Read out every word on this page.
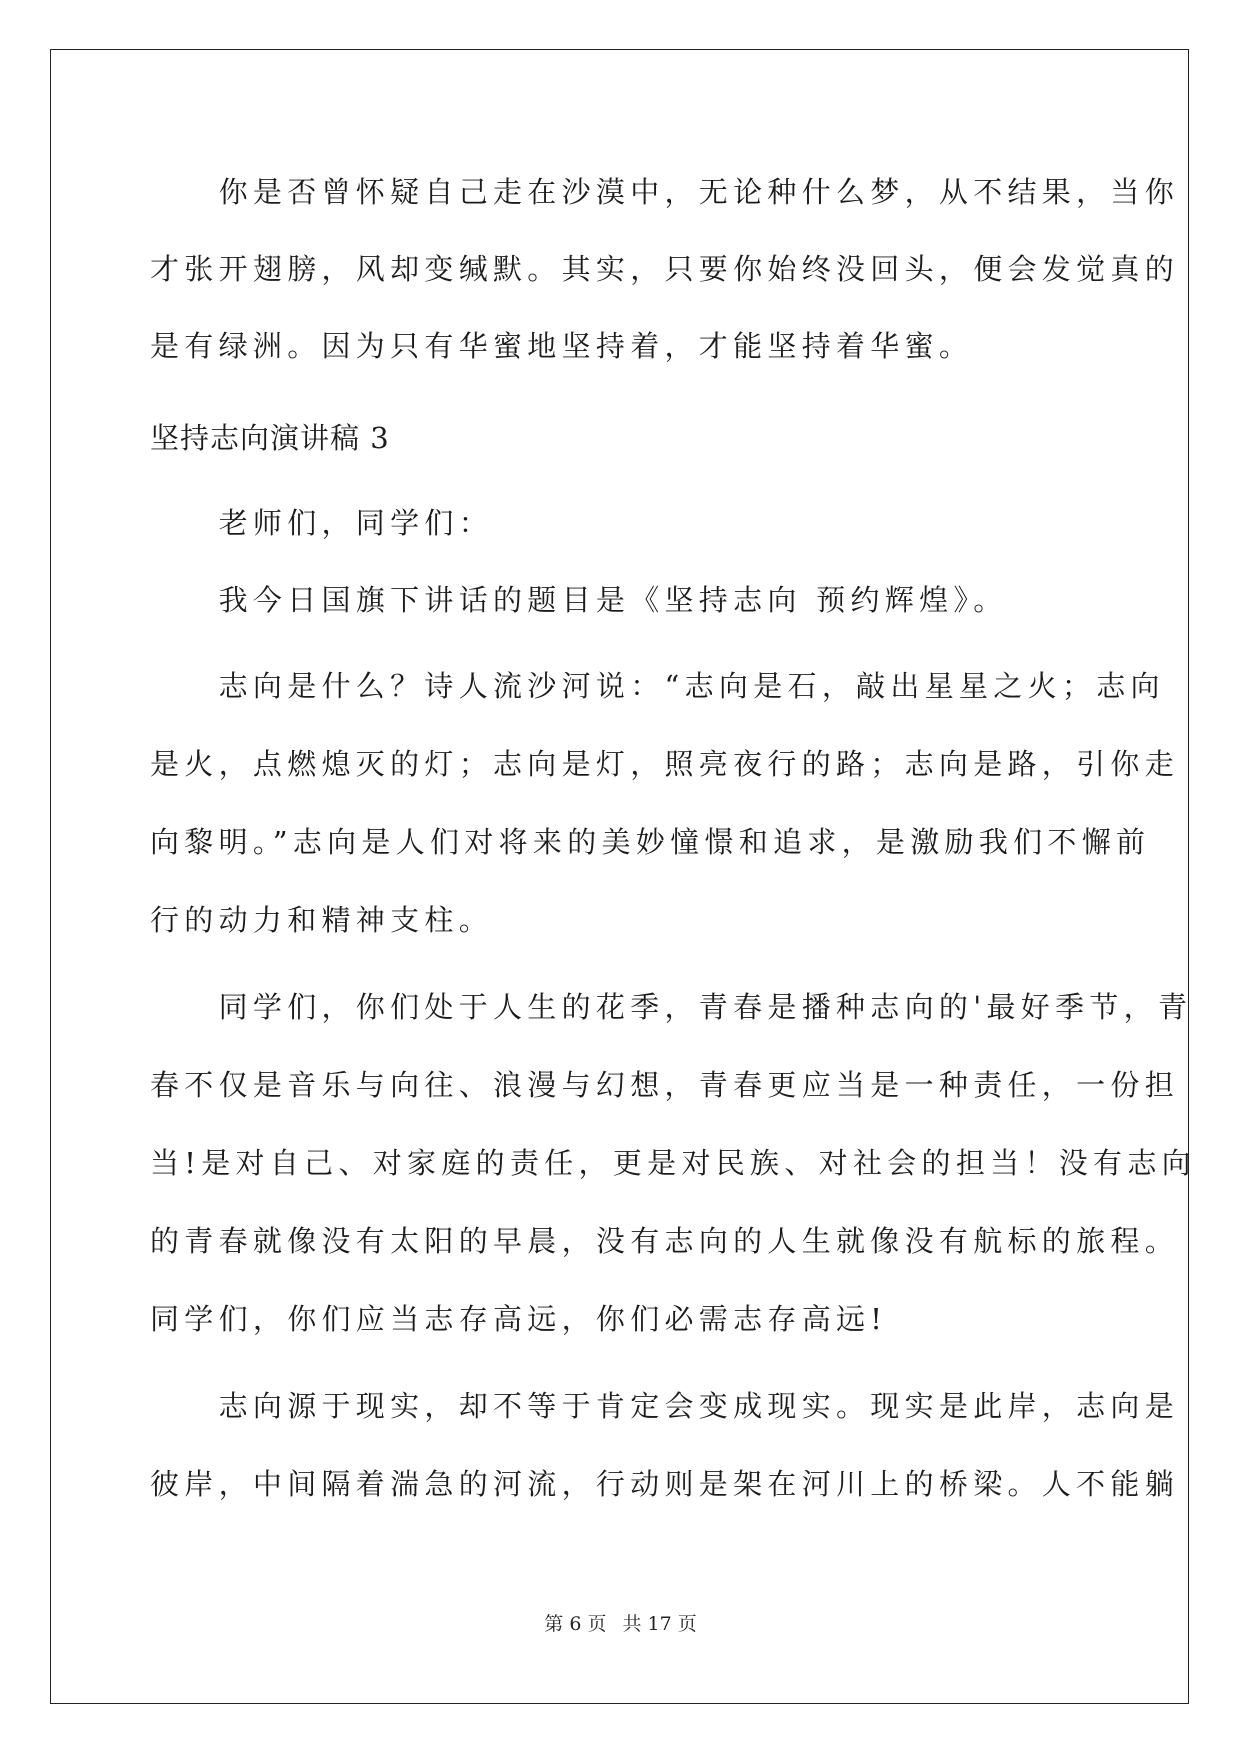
　　你是否曾怀疑自己走在沙漠中，无论种什么梦，从不结果，当你

才张开翅膀，风却变缄默。其实，只要你始终没回头，便会发觉真的

是有绿洲。因为只有华蜜地坚持着，才能坚持着华蜜。

坚持志向演讲稿 3

　　老师们，同学们：

　　我今日国旗下讲话的题目是《坚持志向 预约辉煌》。

　　志向是什么？诗人流沙河说：“志向是石，敲出星星之火；志向

是火，点燃熄灭的灯；志向是灯，照亮夜行的路；志向是路，引你走

向黎明。”志向是人们对将来的美妙憧憬和追求，是激励我们不懈前

行的动力和精神支柱。

　　同学们，你们处于人生的花季，青春是播种志向的'最好季节，青

春不仅是音乐与向往、浪漫与幻想，青春更应当是一种责任，一份担

当!是对自己、对家庭的责任，更是对民族、对社会的担当！没有志向

的青春就像没有太阳的早晨，没有志向的人生就像没有航标的旅程。

同学们，你们应当志存高远，你们必需志存高远!

　　志向源于现实，却不等于肯定会变成现实。现实是此岸，志向是

彼岸，中间隔着湍急的河流，行动则是架在河川上的桥梁。人不能躺

第 6 页 共 17 页
